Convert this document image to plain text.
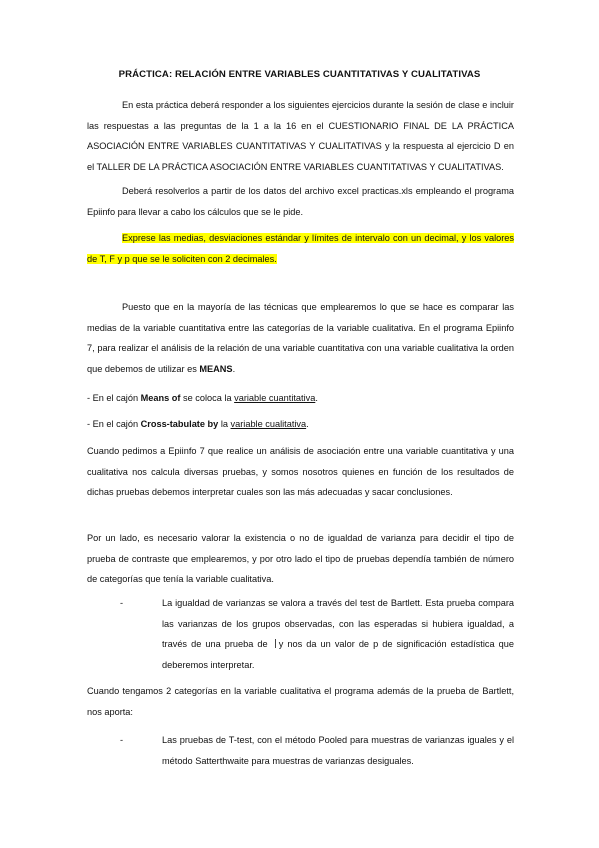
PRÁCTICA: RELACIÓN ENTRE VARIABLES CUANTITATIVAS Y CUALITATIVAS

En esta práctica deberá responder a los siguientes ejercicios durante la sesión de clase e incluir las respuestas a las preguntas de la 1 a la 16 en el CUESTIONARIO FINAL DE LA PRÁCTICA ASOCIACIÓN ENTRE VARIABLES CUANTITATIVAS Y CUALITATIVAS y la respuesta al ejercicio D en el TALLER DE LA PRÁCTICA ASOCIACIÓN ENTRE VARIABLES CUANTITATIVAS Y CUALITATIVAS.

Deberá resolverlos a partir de los datos del archivo excel practicas.xls empleando el programa Epiinfo para llevar a cabo los cálculos que se le pide.

Exprese las medias, desviaciones estándar y límites de intervalo con un decimal, y los valores de T, F y p que se le soliciten con 2 decimales.

Puesto que en la mayoría de las técnicas que emplearemos lo que se hace es comparar las medias de la variable cuantitativa entre las categorías de la variable cualitativa. En el programa Epiinfo 7, para realizar el análisis de la relación de una variable cuantitativa con una variable cualitativa la orden que debemos de utilizar es MEANS.

- En el cajón Means of se coloca la variable cuantitativa.

- En el cajón Cross-tabulate by la variable cualitativa.

Cuando pedimos a Epiinfo 7 que realice un análisis de asociación entre una variable cuantitativa y una cualitativa nos calcula diversas pruebas, y somos nosotros quienes en función de los resultados de dichas pruebas debemos interpretar cuales son las más adecuadas y sacar conclusiones.

Por un lado, es necesario valorar la existencia o no de igualdad de varianza para decidir el tipo de prueba de contraste que emplearemos, y por otro lado el tipo de pruebas dependía también de número de categorías que tenía la variable cualitativa.

-	La igualdad de varianzas se valora a través del test de Bartlett. Esta prueba compara las varianzas de los grupos observadas, con las esperadas si hubiera igualdad, a través de una prueba de y nos da un valor de p de significación estadística que deberemos interpretar.

Cuando tengamos 2 categorías en la variable cualitativa el programa además de la prueba de Bartlett, nos aporta:

-	Las pruebas de T-test, con el método Pooled para muestras de varianzas iguales y el método Satterthwaite para muestras de varianzas desiguales.
